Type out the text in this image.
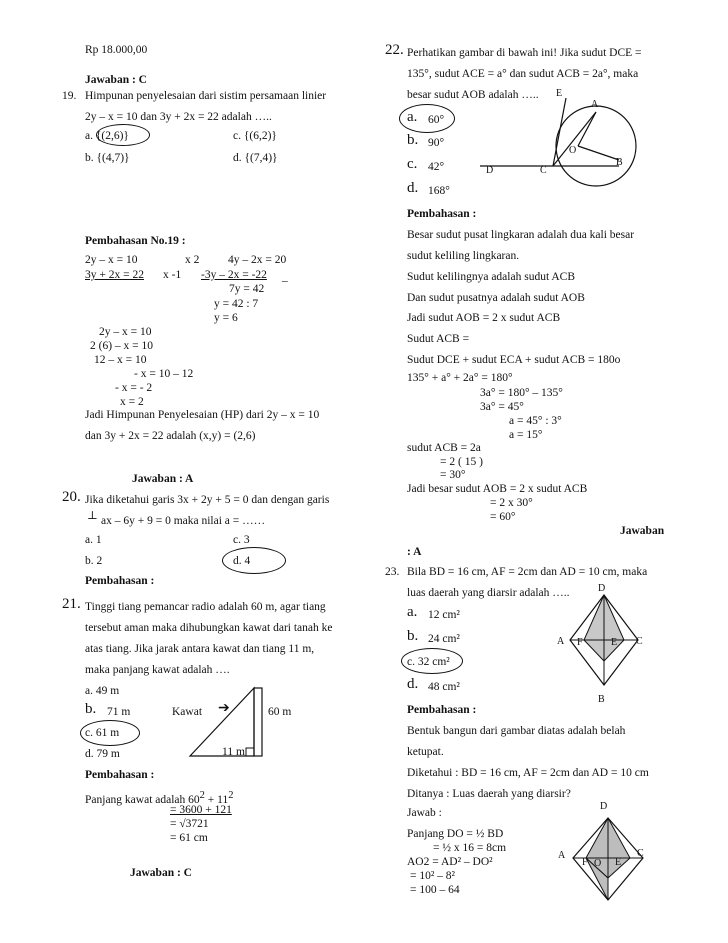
Rp 18.000,00
Jawaban : C
19. Himpunan penyelesaian dari sistim persamaan linier
2y – x = 10 dan 3y + 2x = 22 adalah …..
a. {(2,6)}	c. {(6,2)}
b. {(4,7)}	d. {(7,4)}
Pembahasan No.19 :
2y – x = 10	x 2 4y – 2x = 20
3y + 2x = 22 x -1 -3y – 2x = -22 _
7y = 42
y = 42 : 7
y = 6
2y – x = 10
2 (6) – x = 10
12 – x = 10
- x = 10 – 12
- x = - 2
x = 2
Jadi Himpunan Penyelesaian (HP) dari 2y – x = 10
dan 3y + 2x = 22 adalah (x,y) = (2,6)
Jawaban : A
20. Jika diketahui garis 3x + 2y + 5 = 0 dan dengan garis
⊥ ax – 6y + 9 = 0 maka nilai a = ……
a. 1	c. 3
b. 2	d. 4
Pembahasan :
21. Tinggi tiang pemancar radio adalah 60 m, agar tiang
tersebut aman maka dihubungkan kawat dari tanah ke
atas tiang. Jika jarak antara kawat dan tiang 11 m,
maka panjang kawat adalah ….
a. 49 m
b. 71 m
c. 61 m
d. 79 m
Kawat ➔	60 m
11 m
Pembahasan :
Panjang kawat adalah $60^2 + 11^2$
= 3600 + 121
= √3721
= 61 cm
Jawaban : C
22. Perhatikan gambar di bawah ini! Jika sudut DCE =
135°, sudut ACE = a° dan sudut ACB = 2a°, maka
besar sudut AOB adalah …..
a. 60°
b. 90°
c. 42°
d. 168°
E
A
O
B
D	C
Pembahasan :
Besar sudut pusat lingkaran adalah dua kali besar
sudut keliling lingkaran.
Sudut kelilingnya adalah sudut ACB
Dan sudut pusatnya adalah sudut AOB
Jadi sudut AOB = 2 x sudut ACB
Sudut ACB =
Sudut DCE + sudut ECA + sudut ACB = 180o
135° + a° + 2a° = 180°
3a° = 180° – 135°
3a° = 45°
a = 45° : 3°
a = 15°
sudut ACB = 2a
= 2 ( 15 )
= 30°
Jadi besar sudut AOB = 2 x sudut ACB
= 2 x 30°
= 60°
Jawaban
: A
23. Bila BD = 16 cm, AF = 2cm dan AD = 10 cm, maka
luas daerah yang diarsir adalah …..
a. 12 cm²
b. 24 cm²
c. 32 cm²
d. 48 cm²
D
A F	E C
B
Pembahasan :
Bentuk bangun dari gambar diatas adalah belah
ketupat.
Diketahui : BD = 16 cm, AF = 2cm dan AD = 10 cm
Ditanya : Luas daerah yang diarsir?
Jawab :
Panjang DO = ½ BD
= ½ x 16 = 8cm
AO2 = AD² – DO²
= 10² – 8²
= 100 – 64
D
A
F O E
C
